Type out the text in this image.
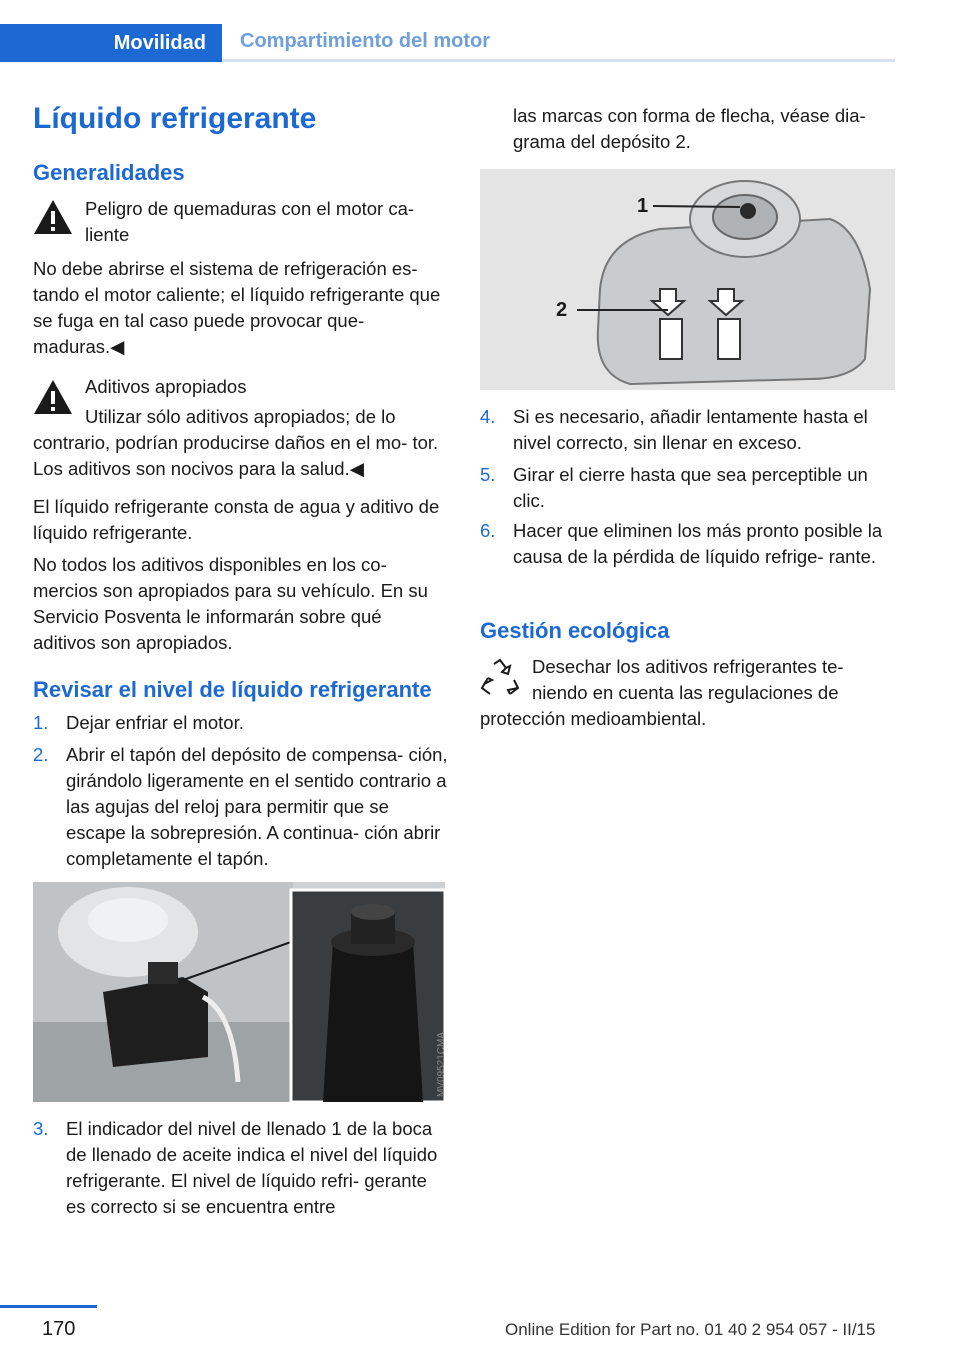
Movilidad Compartimiento del motor
Líquido refrigerante
Generalidades
Peligro de quemaduras con el motor ca‐
liente

No debe abrirse el sistema de refrigeración es‐ tando el motor caliente; el líquido refrigerante que se fuga en tal caso puede provocar que‐ maduras.◀

Aditivos apropiados
Utilizar sólo aditivos apropiados; de lo

contrario, podrían producirse daños en el mo‐ tor. Los aditivos son nocivos para la salud.◀

El líquido refrigerante consta de agua y aditivo de líquido refrigerante.

No todos los aditivos disponibles en los co‐ mercios son apropiados para su vehículo. En su Servicio Posventa le informarán sobre qué aditivos son apropiados.

Revisar el nivel de líquido refrigerante
1. Dejar enfriar el motor.
2. Abrir el tapón del depósito de compensa‐ ción, girándolo ligeramente en el sentido contrario a las agujas del reloj para permitir que se escape la sobrepresión. A continua‐ ción abrir completamente el tapón.
MV09521CMA
3. El indicador del nivel de llenado 1 de la boca de llenado de aceite indica el nivel del líquido refrigerante. El nivel de líquido refri‐ gerante es correcto si se encuentra entre

las marcas con forma de flecha, véase dia‐ grama del depósito 2.

1
2
4. Si es necesario, añadir lentamente hasta el nivel correcto, sin llenar en exceso.
5. Girar el cierre hasta que sea perceptible un clic.
6. Hacer que eliminen los más pronto posible la causa de la pérdida de líquido refrige‐ rante.
Gestión ecológica
Desechar los aditivos refrigerantes te‐
niendo en cuenta las regulaciones de

protección medioambiental.

170	Online Edition for Part no. 01 40 2 954 057 - II/15
